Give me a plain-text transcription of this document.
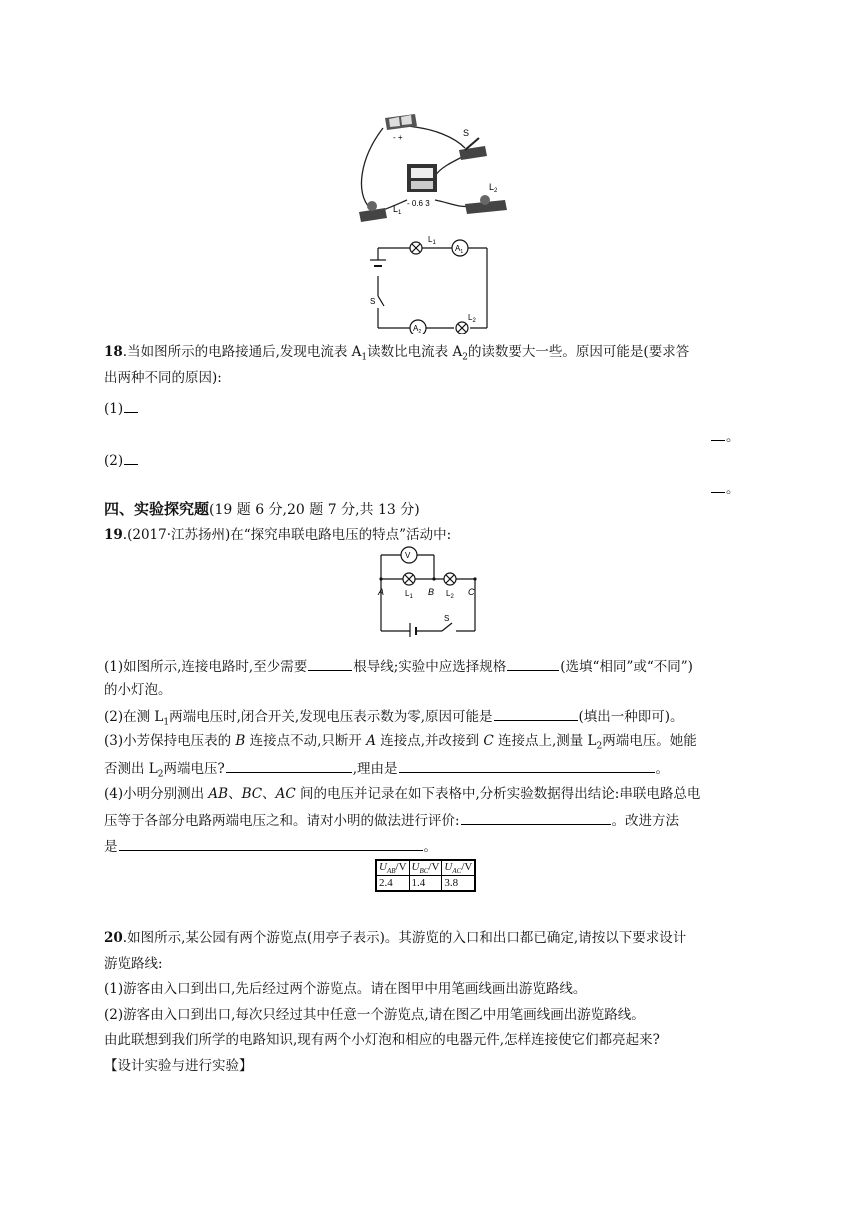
- +	S
- 0.6 3
$L_1$
$L_2$
$L_1$
$A_1$
S
$A_2$
$L_2$
18.当如图所示的电路接通后,发现电流表 $A_1$读数比电流表 $A_2$的读数要大一些。原因可能是(要求答
出两种不同的原因):
(1)
。
(2)
。
四、实验探究题(19 题 6 分,20 题 7 分,共 13 分)
19.(2017·江苏扬州)在“探究串联电路电压的特点”活动中:
V
A	$L_1$ B $L_2$ C
S
(1)如图所示,连接电路时,至少需要	根导线;实验中应选择规格	(选填“相同”或“不同”)
的小灯泡。
(2)在测 $L_1$两端电压时,闭合开关,发现电压表示数为零,原因可能是	(填出一种即可)。
(3)小芳保持电压表的 B 连接点不动,只断开 A 连接点,并改接到 C 连接点上,测量 $L_2$两端电压。她能
否测出 $L_2$两端电压?	,理由是	。
(4)小明分别测出 AB、BC、AC 间的电压并记录在如下表格中,分析实验数据得出结论:串联电路总电
压等于各部分电路两端电压之和。请对小明的做法进行评价:	。改进方法
是	。
$U_{AB}/V$	$U_{BC}/V$	$U_{AC}/V$
2.4	1.4	3.8
20.如图所示,某公园有两个游览点(用亭子表示)。其游览的入口和出口都已确定,请按以下要求设计
游览路线:
(1)游客由入口到出口,先后经过两个游览点。请在图甲中用笔画线画出游览路线。
(2)游客由入口到出口,每次只经过其中任意一个游览点,请在图乙中用笔画线画出游览路线。
由此联想到我们所学的电路知识,现有两个小灯泡和相应的电器元件,怎样连接使它们都亮起来?
【设计实验与进行实验】
